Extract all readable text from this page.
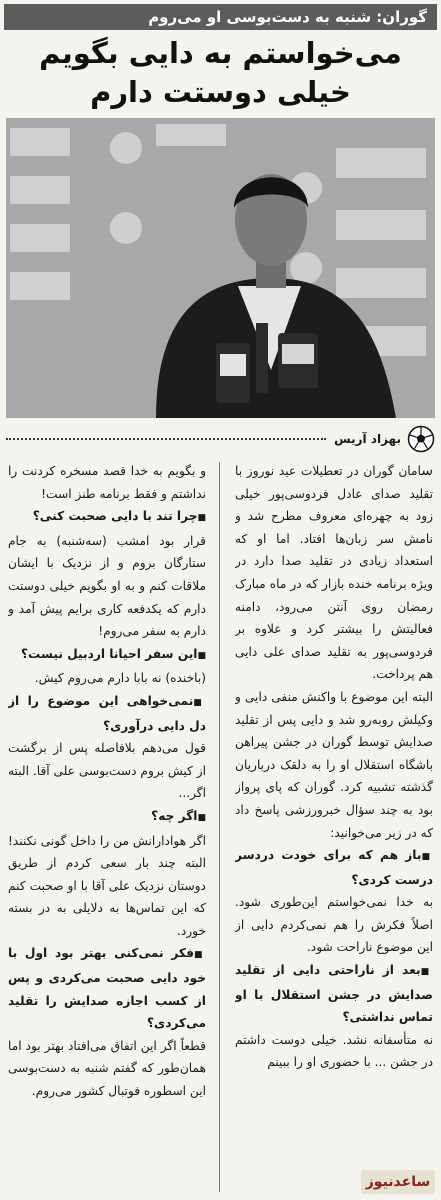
گوران: شنبه به دست‌بوسی او می‌روم
می‌خواستم به دایی بگویم
خیلی دوستت دارم
بهزاد آریس

سامان گوران در تعطیلات عید نوروز با تقلید صدای عادل فردوسی‌پور خیلی زود به چهره‌ای معروف مطرح شد و نامش سر زبان‌ها افتاد. اما او که استعداد زیادی در تقلید صدا دارد در ویژه برنامه خنده بازار که در ماه مبارک رمضان روی آنتن می‌رود، دامنه فعالیتش را بیشتر کرد و علاوه بر فردوسی‌پور به تقلید صدای علی دایی هم پرداخت.

البته این موضوع با واکنش منفی دایی و وکیلش روبه‌رو شد و دایی پس از تقلید صدایش توسط گوران در جشن پیراهن باشگاه استقلال او را به دلقک درباریان گذشته تشبیه کرد. گوران که پای پرواز بود به چند سؤال خبرورزشی پاسخ داد که در زیر می‌خوانید:

■ باز هم که برای خودت دردسر درست کردی؟

به خدا نمی‌خواستم این‌طوری شود. اصلاً فکرش را هم نمی‌کردم دایی از این موضوع ناراحت شود.

■ بعد از ناراحتی دایی از تقلید صدایش در جشن استقلال با او تماس نداشتی؟

نه متأسفانه نشد. خیلی دوست داشتم در جشن ... با حضوری او را ببینم

و بگویم به خدا قصد مسخره کردنت را نداشتم و فقط برنامه طنز است!

■ چرا تند با دایی صحبت کنی؟

قرار بود امشب (سه‌شنبه) به جام ستارگان بروم و از نزدیک با ایشان ملاقات کنم و به او بگویم خیلی دوستت دارم که یکدفعه کاری برایم پیش آمد و دارم به سفر می‌روم!

■ این سفر احیانا اردبیل نیست؟

(باخنده) نه بابا دارم می‌روم کیش.

■ نمی‌خواهی این موضوع را از دل دایی درآوری؟

قول می‌دهم بلافاصله پس از برگشت از کیش بروم دست‌بوسی علی آقا. البته اگر...

■ اگر چه؟

اگر هوادارانش من را داخل گونی نکنند! البته چند بار سعی کردم از طریق دوستان نزدیک علی آقا با او صحبت کنم که این تماس‌ها به دلایلی به در بسته خورد.

■ فکر نمی‌کنی بهتر بود اول با خود دایی صحبت می‌کردی و پس از کسب اجازه صدایش را تقلید می‌کردی؟

قطعاً اگر این اتفاق می‌افتاد بهتر بود اما همان‌طور که گفتم شنبه به دست‌بوسی این اسطوره فوتبال کشور می‌روم.

ساعدنیوز
